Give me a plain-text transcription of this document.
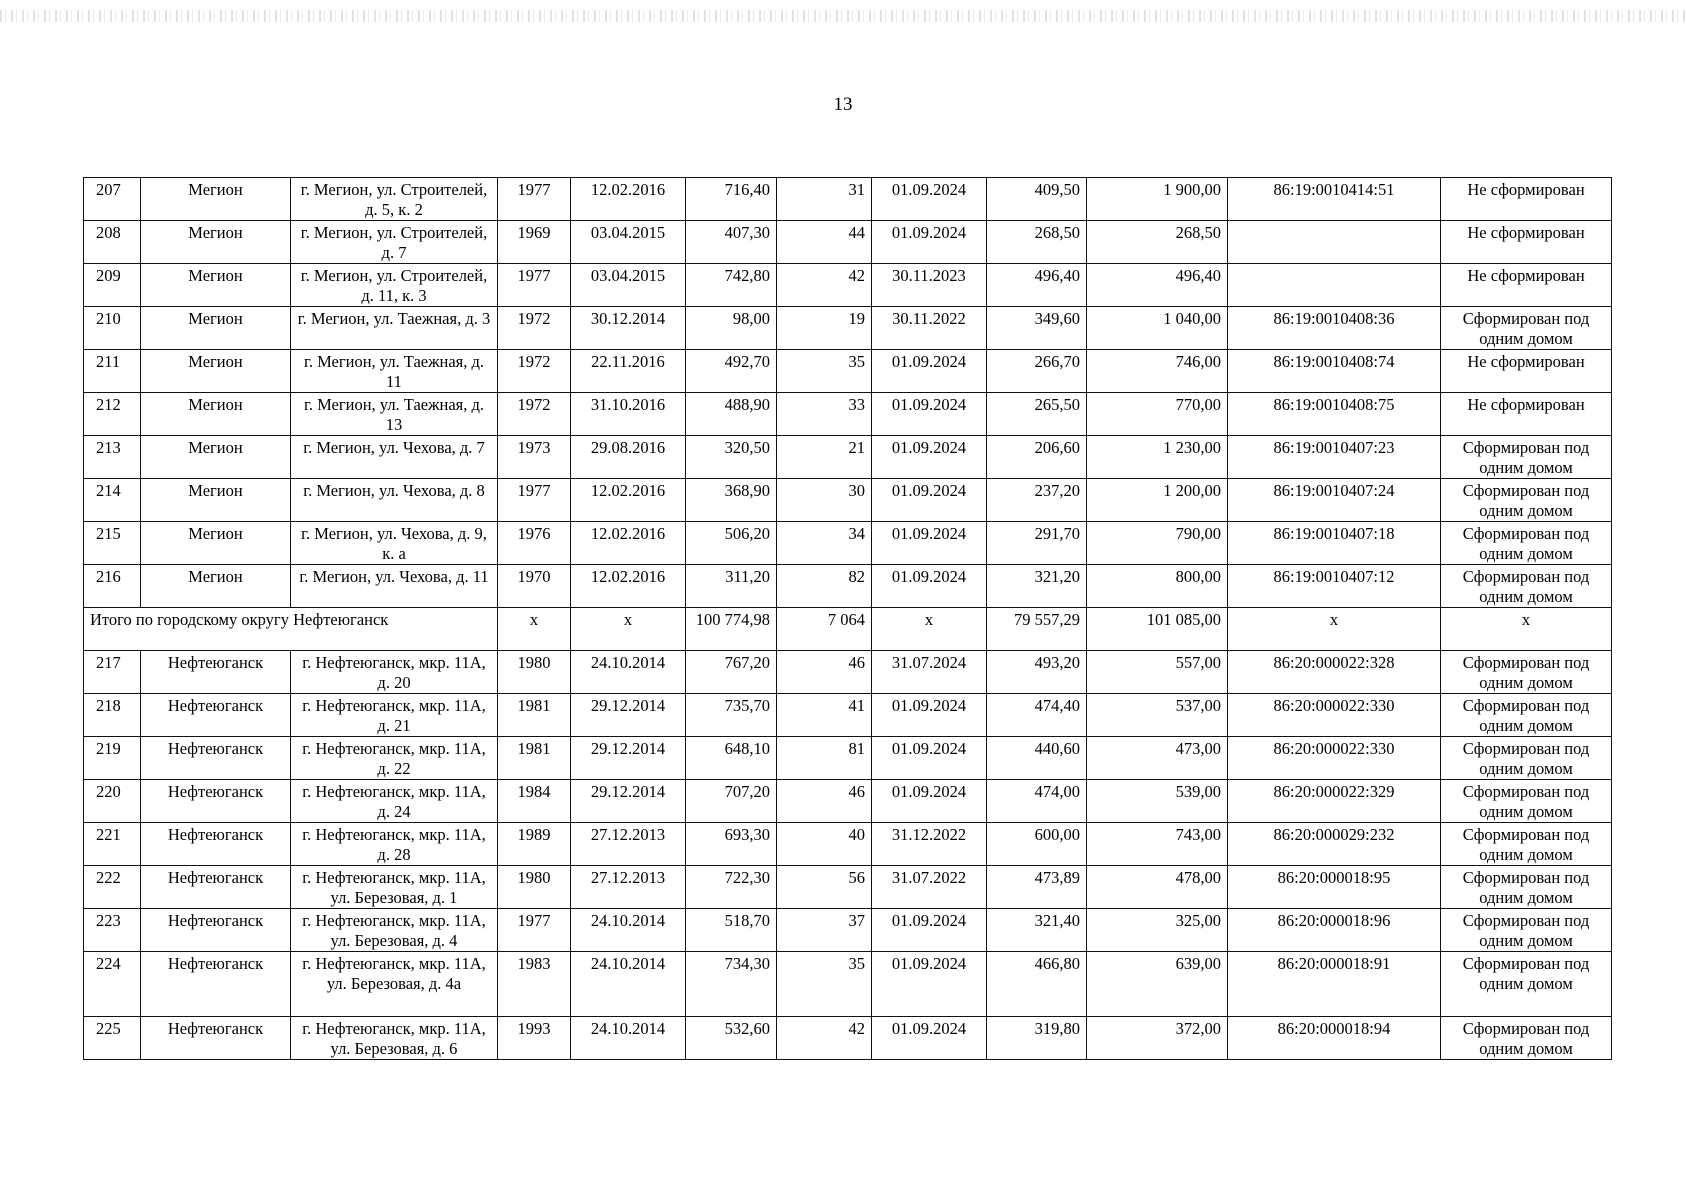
13
207	Мегион	г. Мегион, ул. Строителей, д. 5, к. 2	1977	12.02.2016	716,40	31	01.09.2024	409,50	1 900,00	86:19:0010414:51	Не сформирован
208	Мегион	г. Мегион, ул. Строителей, д. 7	1969	03.04.2015	407,30	44	01.09.2024	268,50	268,50		Не сформирован
209	Мегион	г. Мегион, ул. Строителей, д. 11, к. 3	1977	03.04.2015	742,80	42	30.11.2023	496,40	496,40		Не сформирован
210	Мегион	г. Мегион, ул. Таежная, д. 3	1972	30.12.2014	98,00	19	30.11.2022	349,60	1 040,00	86:19:0010408:36	Сформирован под одним домом
211	Мегион	г. Мегион, ул. Таежная, д. 11	1972	22.11.2016	492,70	35	01.09.2024	266,70	746,00	86:19:0010408:74	Не сформирован
212	Мегион	г. Мегион, ул. Таежная, д. 13	1972	31.10.2016	488,90	33	01.09.2024	265,50	770,00	86:19:0010408:75	Не сформирован
213	Мегион	г. Мегион, ул. Чехова, д. 7	1973	29.08.2016	320,50	21	01.09.2024	206,60	1 230,00	86:19:0010407:23	Сформирован под одним домом
214	Мегион	г. Мегион, ул. Чехова, д. 8	1977	12.02.2016	368,90	30	01.09.2024	237,20	1 200,00	86:19:0010407:24	Сформирован под одним домом
215	Мегион	г. Мегион, ул. Чехова, д. 9, к. а	1976	12.02.2016	506,20	34	01.09.2024	291,70	790,00	86:19:0010407:18	Сформирован под одним домом
216	Мегион	г. Мегион, ул. Чехова, д. 11	1970	12.02.2016	311,20	82	01.09.2024	321,20	800,00	86:19:0010407:12	Сформирован под одним домом
Итого по городскому округу Нефтеюганск			х	х	100 774,98	7 064	х	79 557,29	101 085,00	х	х
217	Нефтеюганск	г. Нефтеюганск, мкр. 11А, д. 20	1980	24.10.2014	767,20	46	31.07.2024	493,20	557,00	86:20:000022:328	Сформирован под одним домом
218	Нефтеюганск	г. Нефтеюганск, мкр. 11А, д. 21	1981	29.12.2014	735,70	41	01.09.2024	474,40	537,00	86:20:000022:330	Сформирован под одним домом
219	Нефтеюганск	г. Нефтеюганск, мкр. 11А, д. 22	1981	29.12.2014	648,10	81	01.09.2024	440,60	473,00	86:20:000022:330	Сформирован под одним домом
220	Нефтеюганск	г. Нефтеюганск, мкр. 11А, д. 24	1984	29.12.2014	707,20	46	01.09.2024	474,00	539,00	86:20:000022:329	Сформирован под одним домом
221	Нефтеюганск	г. Нефтеюганск, мкр. 11А, д. 28	1989	27.12.2013	693,30	40	31.12.2022	600,00	743,00	86:20:000029:232	Сформирован под одним домом
222	Нефтеюганск	г. Нефтеюганск, мкр. 11А, ул. Березовая, д. 1	1980	27.12.2013	722,30	56	31.07.2022	473,89	478,00	86:20:000018:95	Сформирован под одним домом
223	Нефтеюганск	г. Нефтеюганск, мкр. 11А, ул. Березовая, д. 4	1977	24.10.2014	518,70	37	01.09.2024	321,40	325,00	86:20:000018:96	Сформирован под одним домом
224	Нефтеюганск	г. Нефтеюганск, мкр. 11А, ул. Березовая, д. 4а	1983	24.10.2014	734,30	35	01.09.2024	466,80	639,00	86:20:000018:91	Сформирован под одним домом
225	Нефтеюганск	г. Нефтеюганск, мкр. 11А, ул. Березовая, д. 6	1993	24.10.2014	532,60	42	01.09.2024	319,80	372,00	86:20:000018:94	Сформирован под одним домом
